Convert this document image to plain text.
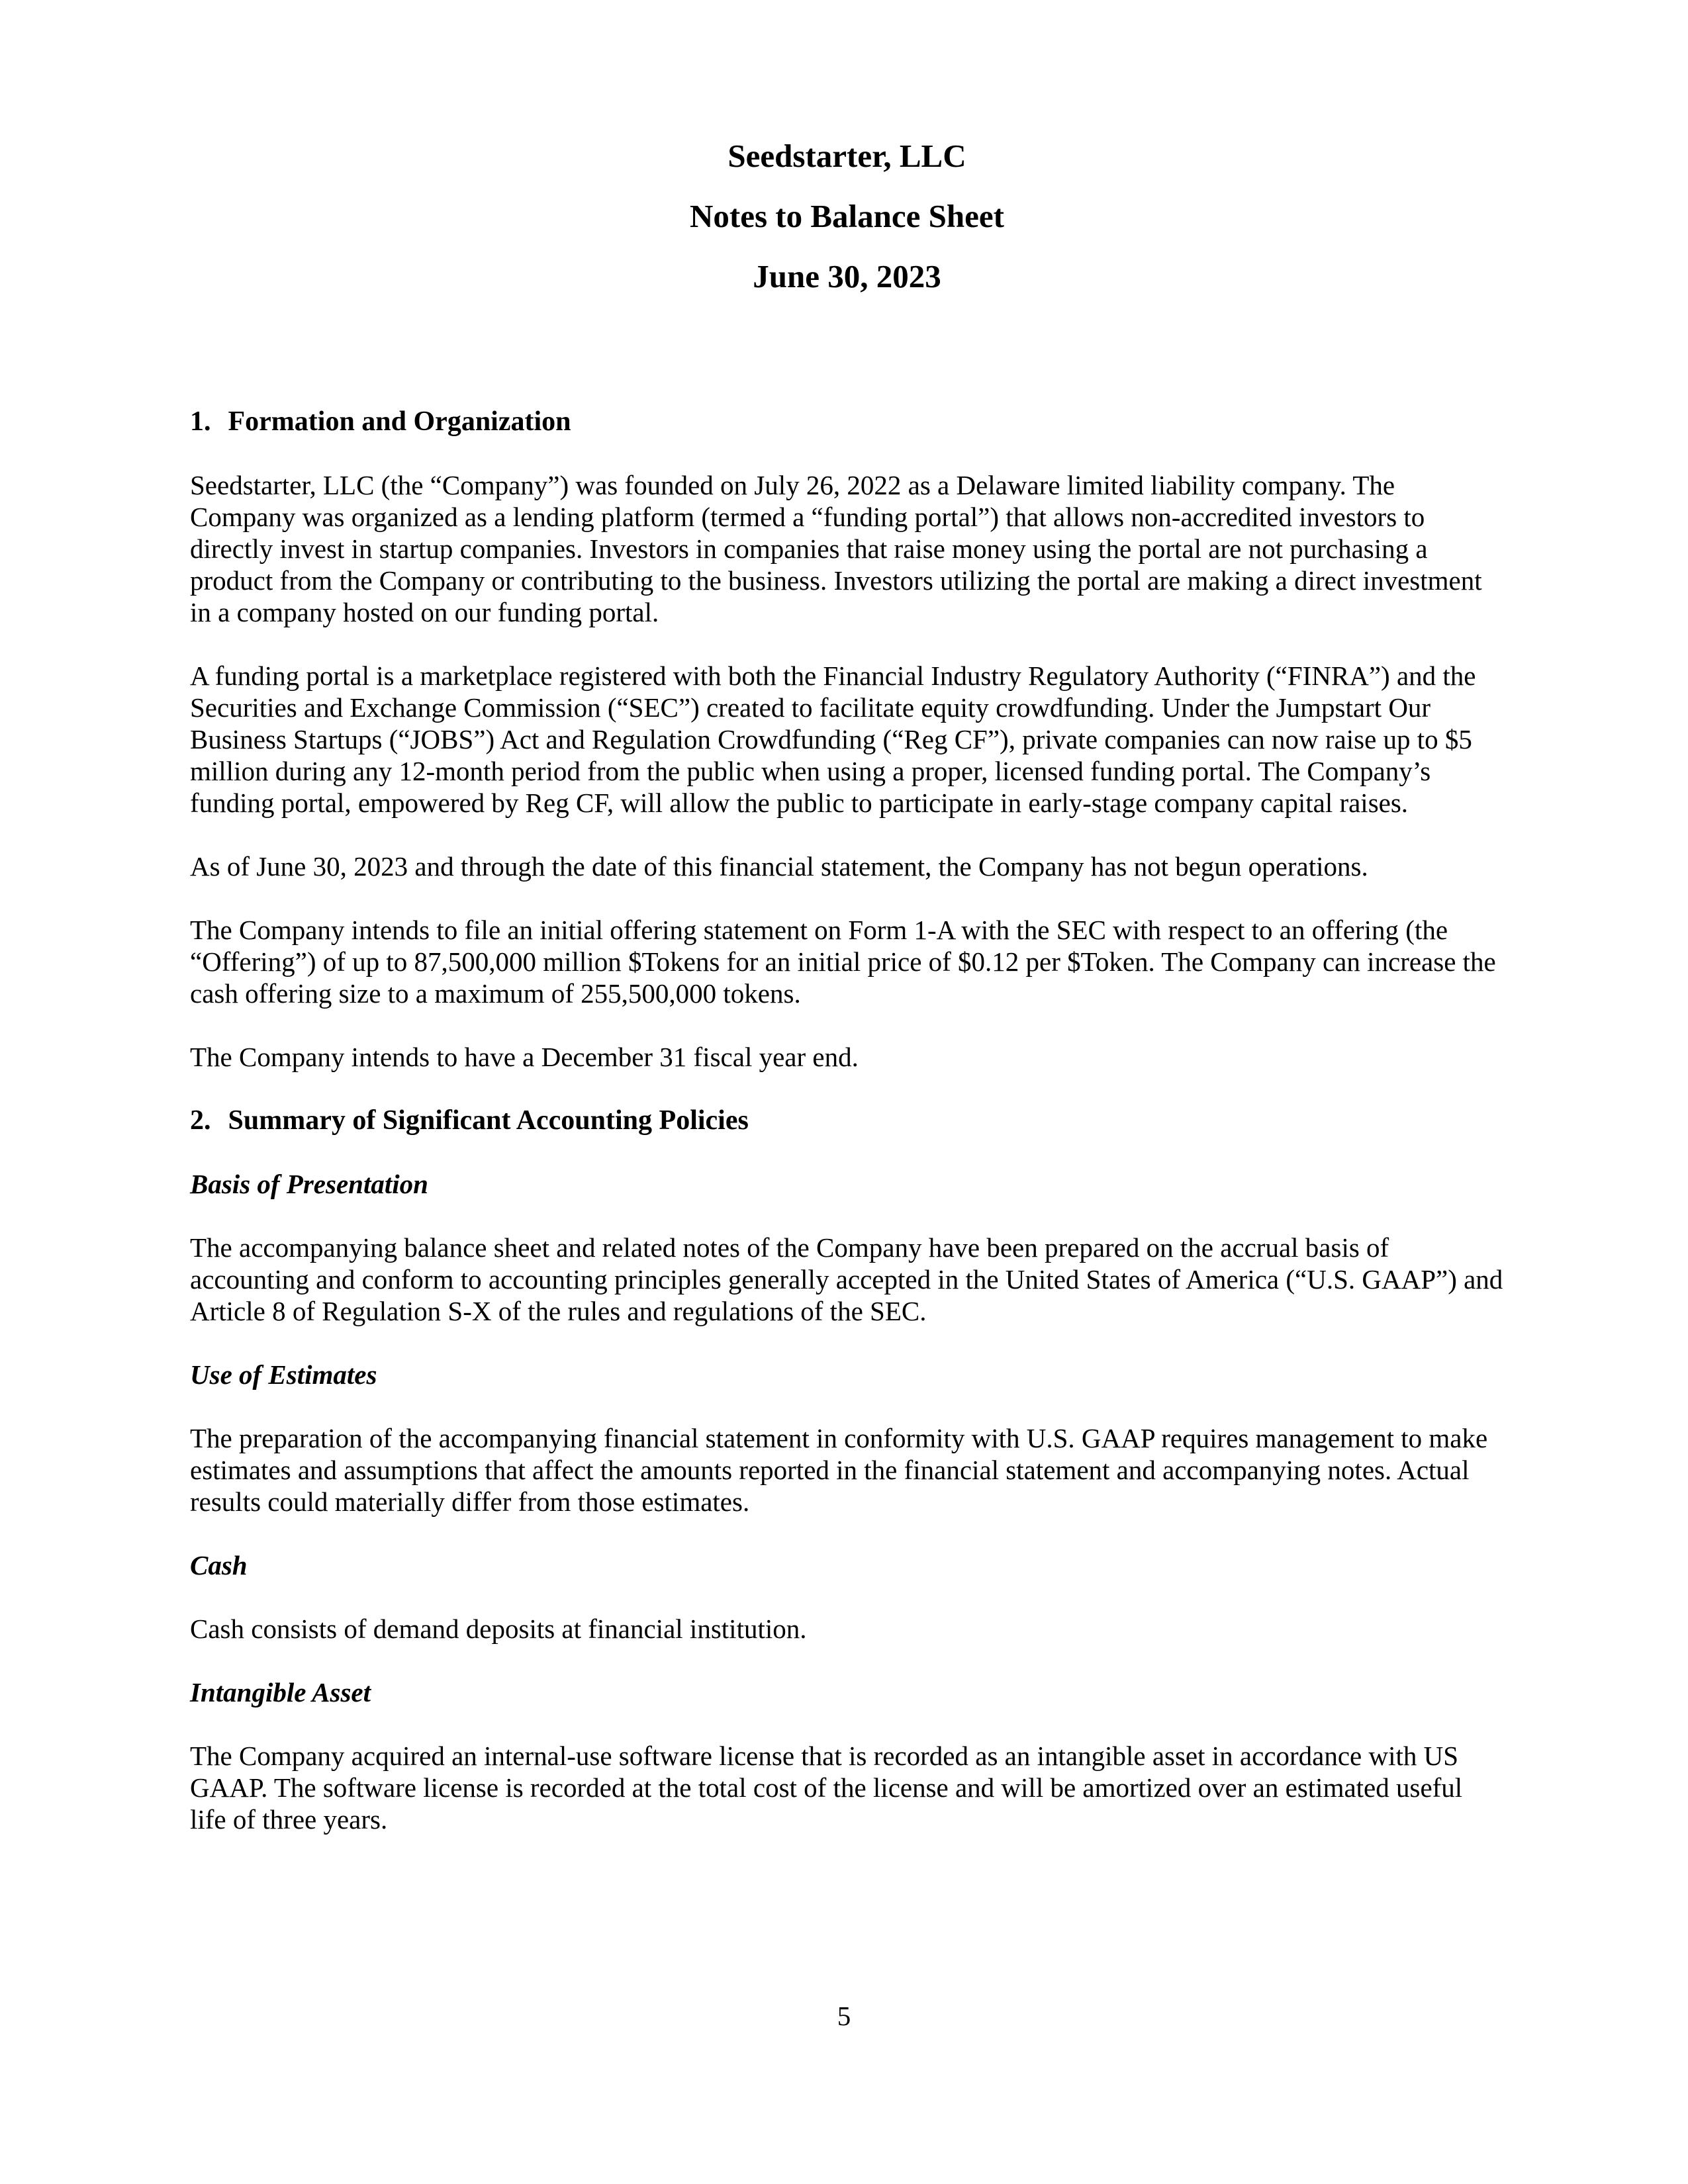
Seedstarter, LLC
Notes to Balance Sheet
June 30, 2023
1. Formation and Organization

Seedstarter, LLC (the “Company”) was founded on July 26, 2022 as a Delaware limited liability company. The Company was organized as a lending platform (termed a “funding portal”) that allows non-accredited investors to directly invest in startup companies. Investors in companies that raise money using the portal are not purchasing a product from the Company or contributing to the business. Investors utilizing the portal are making a direct investment in a company hosted on our funding portal.

A funding portal is a marketplace registered with both the Financial Industry Regulatory Authority (“FINRA”) and the Securities and Exchange Commission (“SEC”) created to facilitate equity crowdfunding. Under the Jumpstart Our Business Startups (“JOBS”) Act and Regulation Crowdfunding (“Reg CF”), private companies can now raise up to $5 million during any 12-month period from the public when using a proper, licensed funding portal. The Company’s funding portal, empowered by Reg CF, will allow the public to participate in early-stage company capital raises.

As of June 30, 2023 and through the date of this financial statement, the Company has not begun operations.

The Company intends to file an initial offering statement on Form 1-A with the SEC with respect to an offering (the “Offering”) of up to 87,500,000 million $Tokens for an initial price of $0.12 per $Token. The Company can increase the cash offering size to a maximum of 255,500,000 tokens.

The Company intends to have a December 31 fiscal year end.

2. Summary of Significant Accounting Policies
Basis of Presentation

The accompanying balance sheet and related notes of the Company have been prepared on the accrual basis of accounting and conform to accounting principles generally accepted in the United States of America (“U.S. GAAP”) and Article 8 of Regulation S-X of the rules and regulations of the SEC.

Use of Estimates

The preparation of the accompanying financial statement in conformity with U.S. GAAP requires management to make estimates and assumptions that affect the amounts reported in the financial statement and accompanying notes. Actual results could materially differ from those estimates.

Cash

Cash consists of demand deposits at financial institution.

Intangible Asset

The Company acquired an internal-use software license that is recorded as an intangible asset in accordance with US GAAP. The software license is recorded at the total cost of the license and will be amortized over an estimated useful life of three years.

5
